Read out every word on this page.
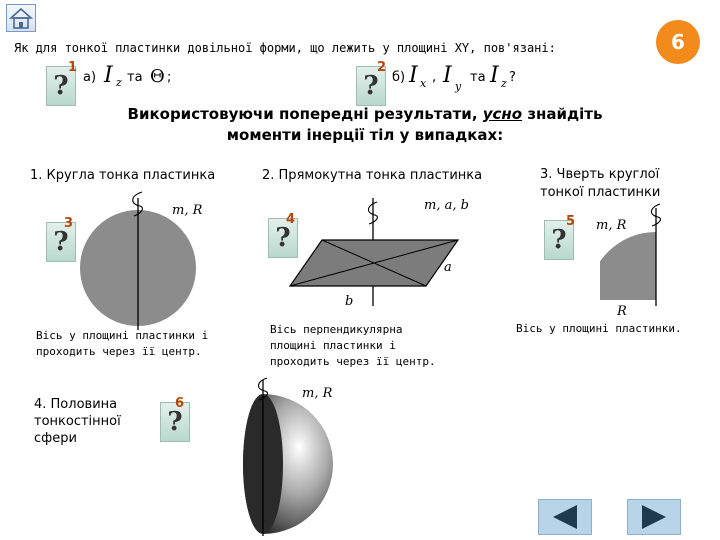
Як для тонкої пластинки довільної форми, що лежить у площині XY, пов'язані:	6
?
1
а) I z та Θ ;	?
2
б) I x , I y
та I z ?
Використовуючи попередні результати, усно знайдіть
моменти інерції тіл у випадках:
1. Кругла тонка пластинка
m, R
?
3
Вісь у площині пластинки і
проходить через її центр.
2. Прямокутна тонка пластинка
m, a, b
?
4
a
b
Вісь перпендикулярна
площині пластинки і
проходить через її центр.
3. Чверть круглої
тонкої пластинки
?
5 m, R
R
Вісь у площині пластинки.
4. Половина
тонкостінної
сфери
?
6
m, R
